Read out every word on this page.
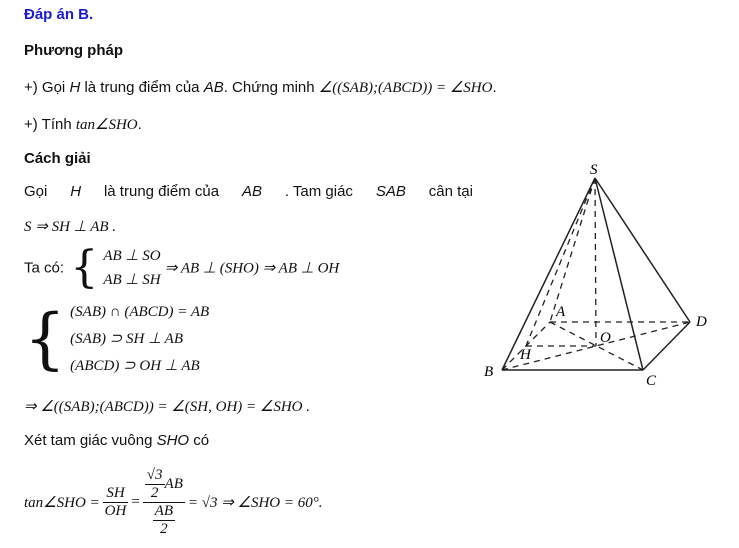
Đáp án B.
Phương pháp
+) Gọi H là trung điểm của AB. Chứng minh ∠((SAB);(ABCD)) = ∠SHO.
+) Tính tan∠SHO.
Cách giải
Gọi H là trung điểm của AB . Tam giác SAB cân tại
S ⇒ SH ⊥ AB .
Ta có: { AB ⊥ SO
AB ⊥ SH
⇒ AB ⊥ (SHO) ⇒ AB ⊥ OH
{ (SAB) ∩ (ABCD) = AB
(SAB) ⊃ SH ⊥ AB
(ABCD) ⊃ OH ⊥ AB
⇒ ∠((SAB);(ABCD)) = ∠(SH, OH) = ∠SHO .
Xét tam giác vuông SHO có
tan∠SHO = $\frac{SH}{OH} = \frac{\frac{√3}{2} AB}{\frac{AB}{2}} = √3$ ⇒ ∠SHO = 60°.
S
A
B
C
D
O
H
